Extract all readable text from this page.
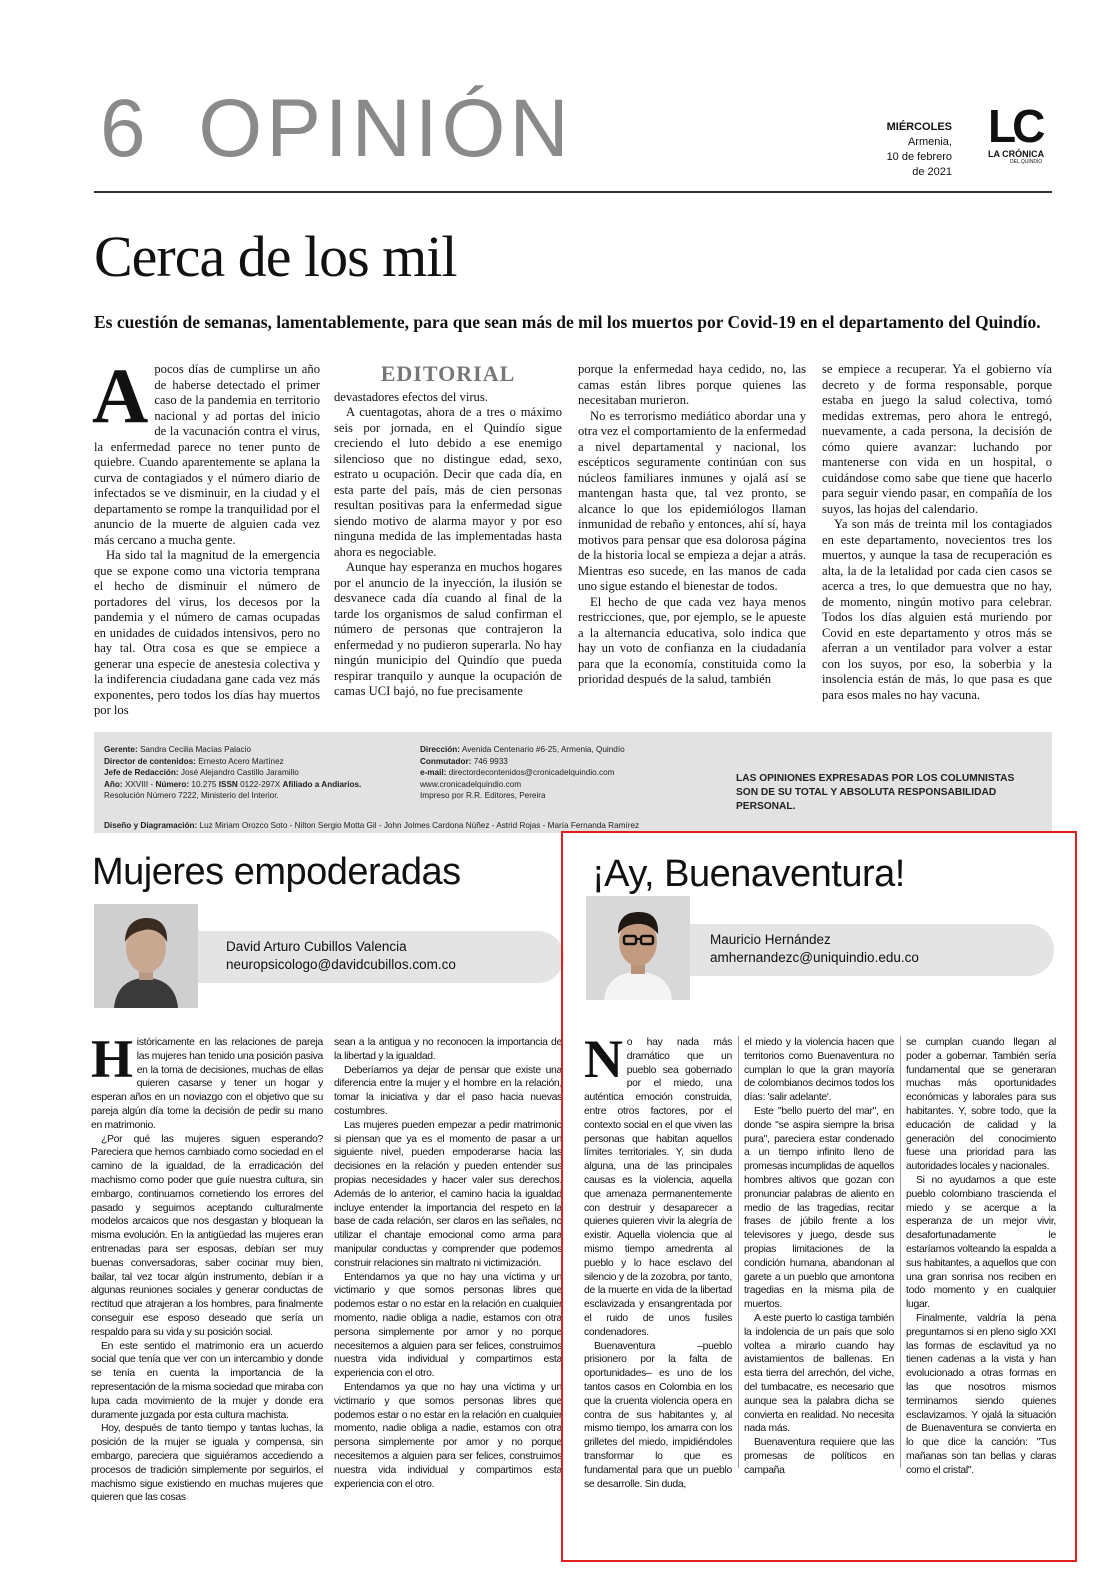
6 OPINIÓN	MIÉRCOLES
Armenia,
10 de febrero
de 2021
LC
LA CRÓNICA
DEL QUINDÍO
Cerca de los mil
Es cuestión de semanas, lamentablemente, para que sean más de mil los muertos por Covid-19 en el departamento del Quindío.
A pocos días de cumplirse un año de haberse detectado el primer caso de la pandemia en territorio nacional y ad portas del inicio de la vacunación contra el virus, la enfermedad parece no tener punto de quiebre. Cuando aparentemente se aplana la curva de contagiados y el número diario de infectados se ve disminuir, en la ciudad y el departamento se rompe la tranquilidad por el anuncio de la muerte de alguien cada vez más cercano a mucha gente.

Ha sido tal la magnitud de la emergencia que se expone como una victoria temprana el hecho de disminuir el número de portadores del virus, los decesos por la pandemia y el número de camas ocupadas en unidades de cuidados intensivos, pero no hay tal. Otra cosa es que se empiece a generar una especie de anestesia colectiva y la indiferencia ciudadana gane cada vez más exponentes, pero todos los días hay muertos por los

EDITORIAL

devastadores efectos del virus.

A cuentagotas, ahora de a tres o máximo seis por jornada, en el Quindío sigue creciendo el luto debido a ese enemigo silencioso que no distingue edad, sexo, estrato u ocupación. Decir que cada día, en esta parte del país, más de cien personas resultan positivas para la enfermedad sigue siendo motivo de alarma mayor y por eso ninguna medida de las implementadas hasta ahora es negociable.

Aunque hay esperanza en muchos hogares por el anuncio de la inyección, la ilusión se desvanece cada día cuando al final de la tarde los organismos de salud confirman el número de personas que contrajeron la enfermedad y no pudieron superarla. No hay ningún municipio del Quindío que pueda respirar tranquilo y aunque la ocupación de camas UCI bajó, no fue precisamente

porque la enfermedad haya cedido, no, las camas están libres porque quienes las necesitaban murieron.

No es terrorismo mediático abordar una y otra vez el comportamiento de la enfermedad a nivel departamental y nacional, los escépticos seguramente continúan con sus núcleos familiares inmunes y ojalá así se mantengan hasta que, tal vez pronto, se alcance lo que los epidemiólogos llaman inmunidad de rebaño y entonces, ahí sí, haya motivos para pensar que esa dolorosa página de la historia local se empieza a dejar a atrás. Mientras eso sucede, en las manos de cada uno sigue estando el bienestar de todos.

El hecho de que cada vez haya menos restricciones, que, por ejemplo, se le apueste a la alternancia educativa, solo indica que hay un voto de confianza en la ciudadanía para que la economía, constituida como la prioridad después de la salud, también

se empiece a recuperar. Ya el gobierno vía decreto y de forma responsable, porque estaba en juego la salud colectiva, tomó medidas extremas, pero ahora le entregó, nuevamente, a cada persona, la decisión de cómo quiere avanzar: luchando por mantenerse con vida en un hospital, o cuidándose como sabe que tiene que hacerlo para seguir viendo pasar, en compañía de los suyos, las hojas del calendario.

Ya son más de treinta mil los contagiados en este departamento, novecientos tres los muertos, y aunque la tasa de recuperación es alta, la de la letalidad por cada cien casos se acerca a tres, lo que demuestra que no hay, de momento, ningún motivo para celebrar. Todos los días alguien está muriendo por Covid en este departamento y otros más se aferran a un ventilador para volver a estar con los suyos, por eso, la soberbia y la insolencia están de más, lo que pasa es que para esos males no hay vacuna.

Gerente: Sandra Cecilia Macías Palacio
Director de contenidos: Ernesto Acero Martínez
Jefe de Redacción: José Alejandro Castillo Jaramillo
Año: XXVIII - Número: 10.275 ISSN 0122-297X Afiliado a Andiarios.
Resolución Número 7222, Ministerio del Interior.
Dirección: Avenida Centenario #6-25, Armenia, Quindío
Conmutador: 746 9933
e-mail: directordecontenidos@cronicadelquindio.com
www.cronicadelquindio.com
Impreso por R.R. Editores, Pereira
LAS OPINIONES EXPRESADAS POR LOS COLUMNISTAS SON DE SU TOTAL Y ABSOLUTA RESPONSABILIDAD PERSONAL.
Diseño y Diagramación: Luz Miriam Orozco Soto - Nilton Sergio Motta Gil - John Jolmes Cardona Núñez - Astrid Rojas - María Fernanda Ramírez
Mujeres empoderadas
David Arturo Cubillos Valencia
neuropsicologo@davidcubillos.com.co
H istóricamente en las relaciones de pareja las mujeres han tenido una posición pasiva en la toma de decisiones, muchas de ellas quieren casarse y tener un hogar y esperan años en un noviazgo con el objetivo que su pareja algún día tome la decisión de pedir su mano en matrimonio.

¿Por qué las mujeres siguen esperando? Pareciera que hemos cambiado como sociedad en el camino de la igualdad, de la erradicación del machismo como poder que guíe nuestra cultura, sin embargo, continuamos cometiendo los errores del pasado y seguimos aceptando culturalmente modelos arcaicos que nos desgastan y bloquean la misma evolución. En la antigüedad las mujeres eran entrenadas para ser esposas, debían ser muy buenas conversadoras, saber cocinar muy bien, bailar, tal vez tocar algún instrumento, debían ir a algunas reuniones sociales y generar conductas de rectitud que atrajeran a los hombres, para finalmente conseguir ese esposo deseado que sería un respaldo para su vida y su posición social.

En este sentido el matrimonio era un acuerdo social que tenía que ver con un intercambio y donde se tenía en cuenta la importancia de la representación de la misma sociedad que miraba con lupa cada movimiento de la mujer y donde era duramente juzgada por esta cultura machista.

Hoy, después de tanto tiempo y tantas luchas, la posición de la mujer se iguala y compensa, sin embargo, pareciera que siguiéramos accediendo a procesos de tradición simplemente por seguirlos, el machismo sigue existiendo en muchas mujeres que quieren que las cosas

sean a la antigua y no reconocen la importancia de la libertad y la igualdad.

Deberíamos ya dejar de pensar que existe una diferencia entre la mujer y el hombre en la relación, tomar la iniciativa y dar el paso hacia nuevas costumbres.

Las mujeres pueden empezar a pedir matrimonio si piensan que ya es el momento de pasar a un siguiente nivel, pueden empoderarse hacia las decisiones en la relación y pueden entender sus propias necesidades y hacer valer sus derechos. Además de lo anterior, el camino hacia la igualdad incluye entender la importancia del respeto en la base de cada relación, ser claros en las señales, no utilizar el chantaje emocional como arma para manipular conductas y comprender que podemos construir relaciones sin maltrato ni victimización.

Entendamos ya que no hay una víctima y un victimario y que somos personas libres que podemos estar o no estar en la relación en cualquier momento, nadie obliga a nadie, estamos con otra persona simplemente por amor y no porque necesitemos a alguien para ser felices, construimos nuestra vida individual y compartimos esta experiencia con el otro.

Entendamos ya que no hay una víctima y un victimario y que somos personas libres que podemos estar o no estar en la relación en cualquier momento, nadie obliga a nadie, estamos con otra persona simplemente por amor y no porque necesitemos a alguien para ser felices, construimos nuestra vida individual y compartimos esta experiencia con el otro.

¡Ay, Buenaventura!
Mauricio Hernández
amhernandezc@uniquindio.edu.co
N o hay nada más dramático que un pueblo sea gobernado por el miedo, una auténtica emoción construida, entre otros factores, por el contexto social en el que viven las personas que habitan aquellos límites territoriales. Y, sin duda alguna, una de las principales causas es la violencia, aquella que amenaza permanentemente con destruir y desaparecer a quienes quieren vivir la alegría de existir. Aquella violencia que al mismo tiempo amedrenta al pueblo y lo hace esclavo del silencio y de la zozobra, por tanto, de la muerte en vida de la libertad esclavizada y ensangrentada por el ruido de unos fusiles condenadores.

Buenaventura –pueblo prisionero por la falta de oportunidades– es uno de los tantos casos en Colombia en los que la cruenta violencia opera en contra de sus habitantes y, al mismo tiempo, los amarra con los grilletes del miedo, impidiéndoles transformar lo que es fundamental para que un pueblo se desarrolle. Sin duda,

el miedo y la violencia hacen que territorios como Buenaventura no cumplan lo que la gran mayoría de colombianos decimos todos los días: 'salir adelante'.

Este "bello puerto del mar", en donde "se aspira siempre la brisa pura", pareciera estar condenado a un tiempo infinito lleno de promesas incumplidas de aquellos hombres altivos que gozan con pronunciar palabras de aliento en medio de las tragedias, recitar frases de júbilo frente a los televisores y juego, desde sus propias limitaciones de la condición humana, abandonan al garete a un pueblo que amontona tragedias en la misma pila de muertos.

A este puerto lo castiga también la indolencia de un país que solo voltea a mirarlo cuando hay avistamientos de ballenas. En esta tierra del arrechón, del viche, del tumbacatre, es necesario que aunque sea la palabra dicha se convierta en realidad. No necesita nada más.

Buenaventura requiere que las promesas de políticos en campaña

se cumplan cuando llegan al poder a gobernar. También sería fundamental que se generaran muchas más oportunidades económicas y laborales para sus habitantes. Y, sobre todo, que la educación de calidad y la generación del conocimiento fuese una prioridad para las autoridades locales y nacionales.

Si no ayudamos a que este pueblo colombiano trascienda el miedo y se acerque a la esperanza de un mejor vivir, desafortunadamente le estaríamos volteando la espalda a sus habitantes, a aquellos que con una gran sonrisa nos reciben en todo momento y en cualquier lugar.

Finalmente, valdría la pena preguntarnos si en pleno siglo XXI las formas de esclavitud ya no tienen cadenas a la vista y han evolucionado a otras formas en las que nosotros mismos terminamos siendo quienes esclavizamos. Y ojalá la situación de Buenaventura se convierta en lo que dice la canción: "Tus mañanas son tan bellas y claras como el cristal".
